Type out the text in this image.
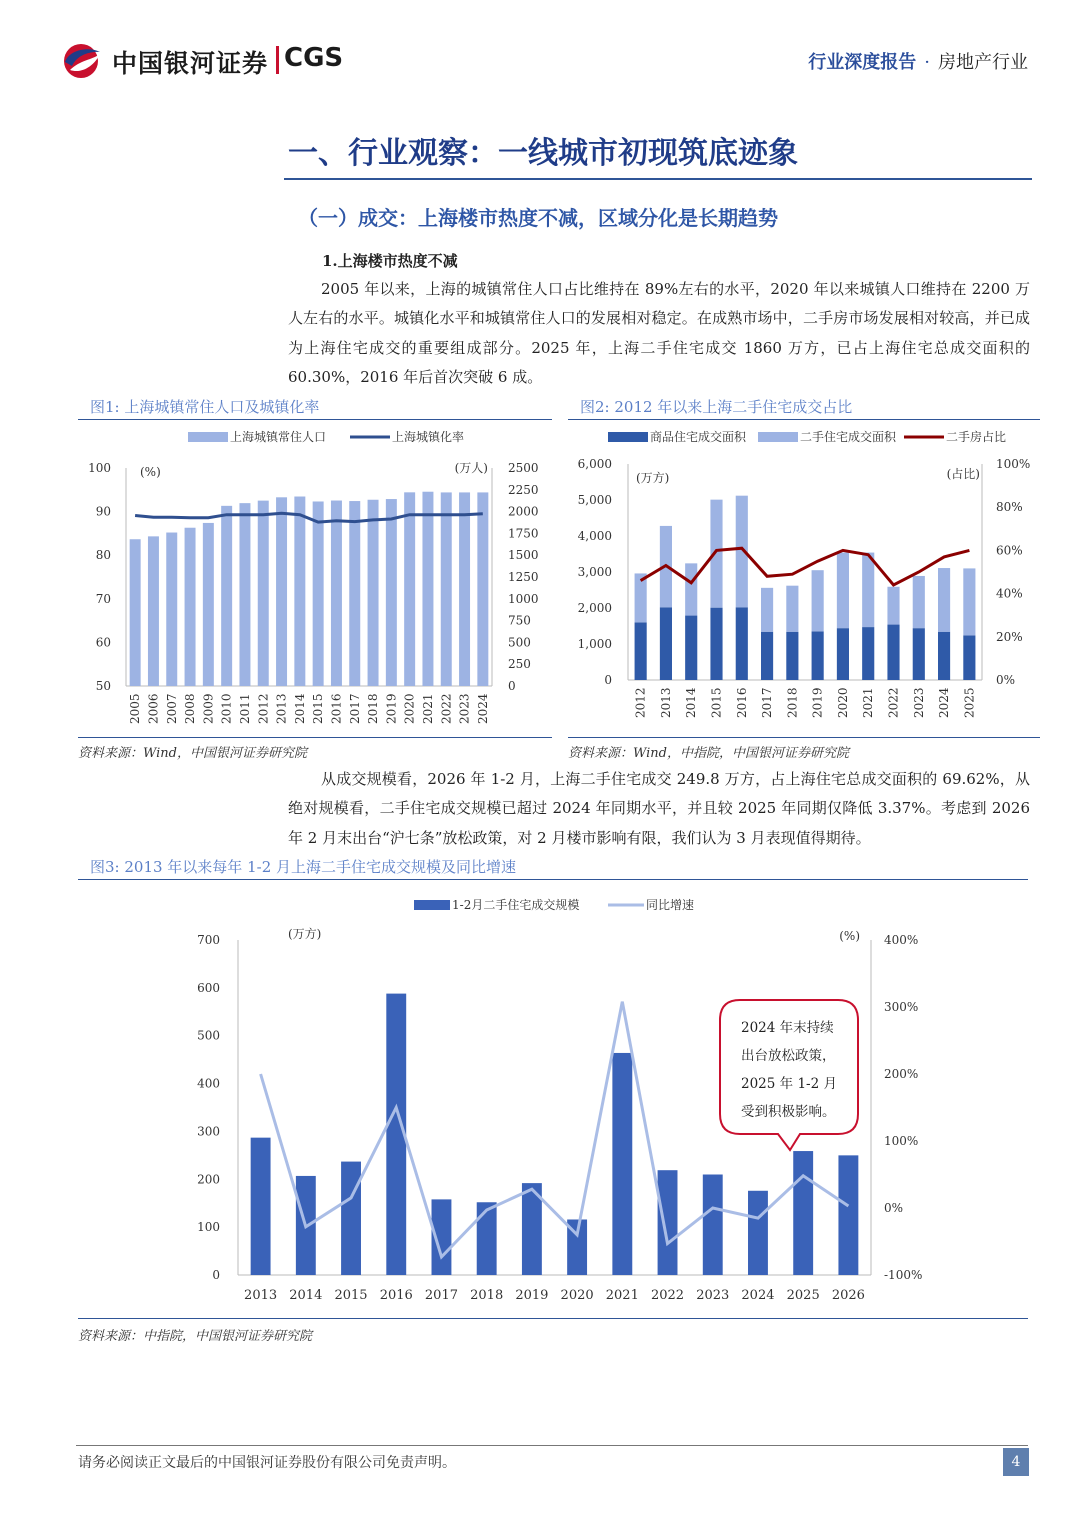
中国银河证券 CGS	行业深度报告 · 房地产行业
一、行业观察：一线城市初现筑底迹象
（一）成交：上海楼市热度不减，区域分化是长期趋势
1.上海楼市热度不减
2005 年以来，上海的城镇常住人口占比维持在 89%左右的水平，2020 年以来城镇人口维持在 2200 万人左右的水平。城镇化水平和城镇常住人口的发展相对稳定。在成熟市场中，二手房市场发展相对较高，并已成为上海住宅成交的重要组成部分。2025 年，上海二手住宅成交 1860 万方，已占上海住宅总成交面积的 60.30%，2016 年后首次突破 6 成。
图1: 上海城镇常住人口及城镇化率	图2: 2012 年以来上海二手住宅成交占比
上海城镇常住人口	上海城镇化率
(%)	(万人)
100
90
80
70
60
50
2500
2250
2000
1750
1500
1250
1000
750
500
250
0
2005 2006 2007 2008 2009 2010 2011 2012 2013 2014 2015 2016 2017 2018 2019 2020 2021 2022 2023 2024
商品住宅成交面积	二手住宅成交面积	二手房占比
(万方)	(占比)
6,000
5,000
4,000
3,000
2,000
1,000
0
100%
80%
60%
40%
20%
0%
2012 2013 2014 2015 2016 2017 2018 2019 2020 2021 2022 2023 2024 2025
资料来源：Wind，中国银河证券研究院	资料来源：Wind，中指院，中国银河证券研究院
从成交规模看，2026 年 1-2 月，上海二手住宅成交 249.8 万方，占上海住宅总成交面积的 69.62%，从绝对规模看，二手住宅成交规模已超过 2024 年同期水平，并且较 2025 年同期仅降低 3.37%。考虑到 2026 年 2 月末出台“沪七条”放松政策，对 2 月楼市影响有限，我们认为 3 月表现值得期待。
图3: 2013 年以来每年 1-2 月上海二手住宅成交规模及同比增速
1-2月二手住宅成交规模	同比增速
(万方)	(%)
700
600
500
400
300
200
100
0
400%
300%
200%
100%
0%
-100%
2013 2014 2015 2016 2017 2018 2019 2020 2021 2022 2023 2024 2025 2026
2024 年末持续
出台放松政策，
2025 年 1-2 月
受到积极影响。
资料来源：中指院，中国银河证券研究院
请务必阅读正文最后的中国银河证券股份有限公司免责声明。	4
